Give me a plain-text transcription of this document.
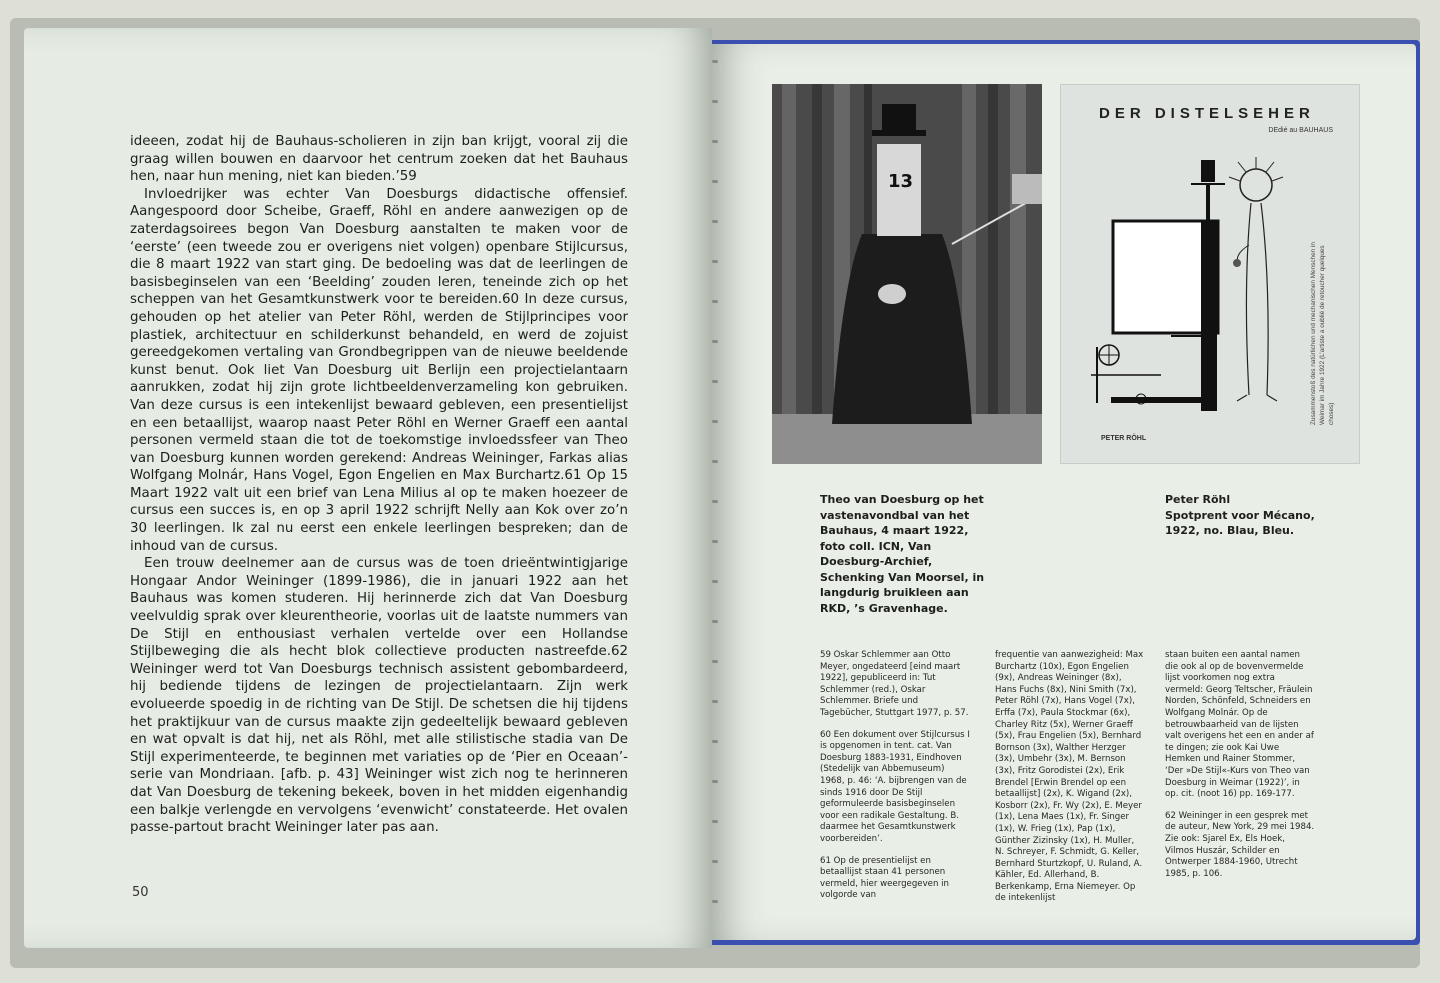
ideeen, zodat hij de Bauhaus-scholieren in zijn ban krijgt, vooral zij die graag willen bouwen en daarvoor het centrum zoeken dat het Bauhaus hen, naar hun mening, niet kan bieden.’59

Invloedrijker was echter Van Doesburgs didactische offensief. Aangespoord door Scheibe, Graeff, Röhl en andere aanwezigen op de zaterdagsoirees begon Van Doesburg aanstalten te maken voor de ‘eerste’ (een tweede zou er overigens niet volgen) openbare Stijlcursus, die 8 maart 1922 van start ging. De bedoeling was dat de leerlingen de basisbeginselen van een ‘Beelding’ zouden leren, teneinde zich op het scheppen van het Gesamtkunstwerk voor te bereiden.60 In deze cursus, gehouden op het atelier van Peter Röhl, werden de Stijlprincipes voor plastiek, architectuur en schilderkunst behandeld, en werd de zojuist gereedgekomen vertaling van Grondbegrippen van de nieuwe beeldende kunst benut. Ook liet Van Doesburg uit Berlijn een projectielantaarn aanrukken, zodat hij zijn grote lichtbeeldenverzameling kon gebruiken. Van deze cursus is een intekenlijst bewaard gebleven, een presentielijst en een betaallijst, waarop naast Peter Röhl en Werner Graeff een aantal personen vermeld staan die tot de toekomstige invloedssfeer van Theo van Doesburg kunnen worden gerekend: Andreas Weininger, Farkas alias Wolfgang Molnár, Hans Vogel, Egon Engelien en Max Burchartz.61 Op 15 Maart 1922 valt uit een brief van Lena Milius al op te maken hoezeer de cursus een succes is, en op 3 april 1922 schrijft Nelly aan Kok over zo’n 30 leerlingen. Ik zal nu eerst een enkele leerlingen bespreken; dan de inhoud van de cursus.

Een trouw deelnemer aan de cursus was de toen drieëntwintigjarige Hongaar Andor Weininger (1899-1986), die in januari 1922 aan het Bauhaus was komen studeren. Hij herinnerde zich dat Van Doesburg veelvuldig sprak over kleurentheorie, voorlas uit de laatste nummers van De Stijl en enthousiast verhalen vertelde over een Hollandse Stijlbeweging die als hecht blok collectieve producten nastreefde.62 Weininger werd tot Van Doesburgs technisch assistent gebombardeerd, hij bediende tijdens de lezingen de projectielantaarn. Zijn werk evolueerde spoedig in de richting van De Stijl. De schetsen die hij tijdens het praktijkuur van de cursus maakte zijn gedeeltelijk bewaard gebleven en wat opvalt is dat hij, net als Röhl, met alle stilistische stadia van De Stijl experimenteerde, te beginnen met variaties op de ‘Pier en Oceaan’-serie van Mondriaan. [afb. p. 43] Weininger wist zich nog te herinneren dat Van Doesburg de tekening bekeek, boven in het midden eigenhandig een balkje verlengde en vervolgens ‘evenwicht’ constateerde. Het ovalen passe-partout bracht Weininger later pas aan.

50
13
DER DISTELSEHER
DEdié au BAUHAUS
Zusammenstoß des natürlichen und mechanischen Menschen in Weimar im Jahre 1922 (L’artiste a oublié de retoucher quelques choses)
PETER RÖHL
Theo van Doesburg op het vastenavondbal van het Bauhaus, 4 maart 1922, foto coll. ICN, Van Doesburg-Archief, Schenking Van Moorsel, in langdurig bruikleen aan RKD, ’s Gravenhage.
Peter Röhl
Spotprent voor Mécano, 1922, no. Blau, Bleu.

59 Oskar Schlemmer aan Otto Meyer, ongedateerd [eind maart 1922], gepubliceerd in: Tut Schlemmer (red.), Oskar Schlemmer. Briefe und Tagebücher, Stuttgart 1977, p. 57.

60 Een dokument over Stijlcursus I is opgenomen in tent. cat. Van Doesburg 1883-1931, Eindhoven (Stedelijk van Abbemuseum) 1968, p. 46: ‘A. bijbrengen van de sinds 1916 door De Stijl geformuleerde basisbeginselen voor een radikale Gestaltung. B. daarmee het Gesamtkunstwerk voorbereiden’.

61 Op de presentielijst en betaallijst staan 41 personen vermeld, hier weergegeven in volgorde van

frequentie van aanwezigheid: Max Burchartz (10x), Egon Engelien (9x), Andreas Weininger (8x), Hans Fuchs (8x), Nini Smith (7x), Peter Röhl (7x), Hans Vogel (7x), Erffa (7x), Paula Stockmar (6x), Charley Ritz (5x), Werner Graeff (5x), Frau Engelien (5x), Bernhard Bornson (3x), Walther Herzger (3x), Umbehr (3x), M. Bernson (3x), Fritz Gorodistei (2x), Erik Brendel [Erwin Brendel op een betaallijst] (2x), K. Wigand (2x), Kosborr (2x), Fr. Wy (2x), E. Meyer (1x), Lena Maes (1x), Fr. Singer (1x), W. Frieg (1x), Pap (1x), Günther Zizinsky (1x), H. Muller, N. Schreyer, F. Schmidt, G. Keller, Bernhard Sturtzkopf, U. Ruland, A. Kähler, Ed. Allerhand, B. Berkenkamp, Erna Niemeyer. Op de intekenlijst

staan buiten een aantal namen die ook al op de bovenvermelde lijst voorkomen nog extra vermeld: Georg Teltscher, Fräulein Norden, Schönfeld, Schneiders en Wolfgang Molnár. Op de betrouwbaarheid van de lijsten valt overigens het een en ander af te dingen; zie ook Kai Uwe Hemken und Rainer Stommer, ‘Der »De Stijl«-Kurs von Theo van Doesburg in Weimar (1922)’, in op. cit. (noot 16) pp. 169-177.

62 Weininger in een gesprek met de auteur, New York, 29 mei 1984. Zie ook: Sjarel Ex, Els Hoek, Vilmos Huszár, Schilder en Ontwerper 1884-1960, Utrecht 1985, p. 106.
